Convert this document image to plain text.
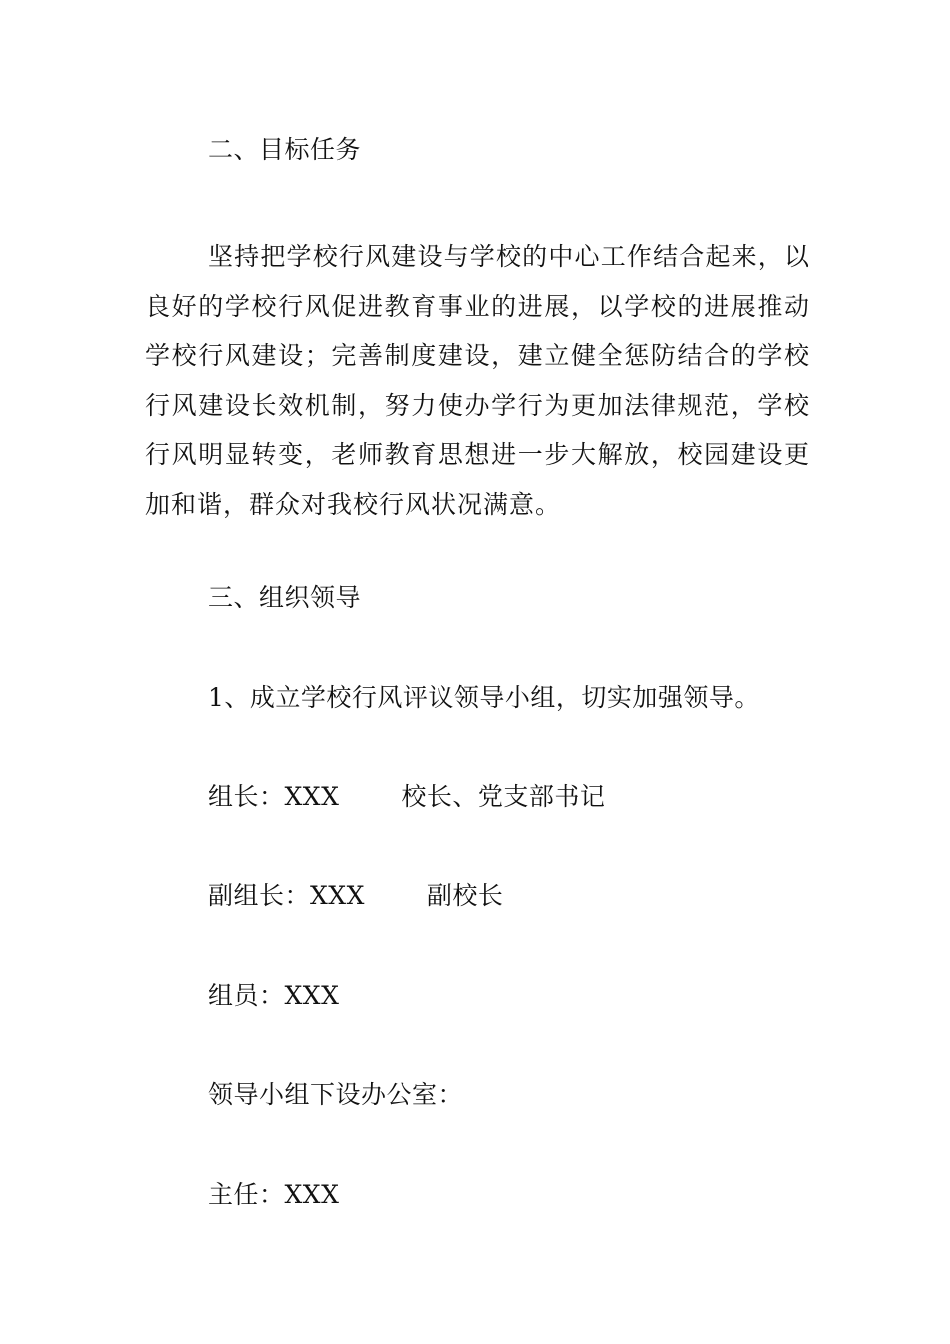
二、目标任务

坚持把学校行风建设与学校的中心工作结合起来，以良好的学校行风促进教育事业的进展，以学校的进展推动学校行风建设；完善制度建设，建立健全惩防结合的学校行风建设长效机制，努力使办学行为更加法律规范，学校行风明显转变，老师教育思想进一步大解放，校园建设更加和谐，群众对我校行风状况满意。

三、组织领导
1、成立学校行风评议领导小组，切实加强领导。
组长：XXX 校长、党支部书记
副组长：XXX 副校长
组员：XXX
领导小组下设办公室：
主任：XXX
